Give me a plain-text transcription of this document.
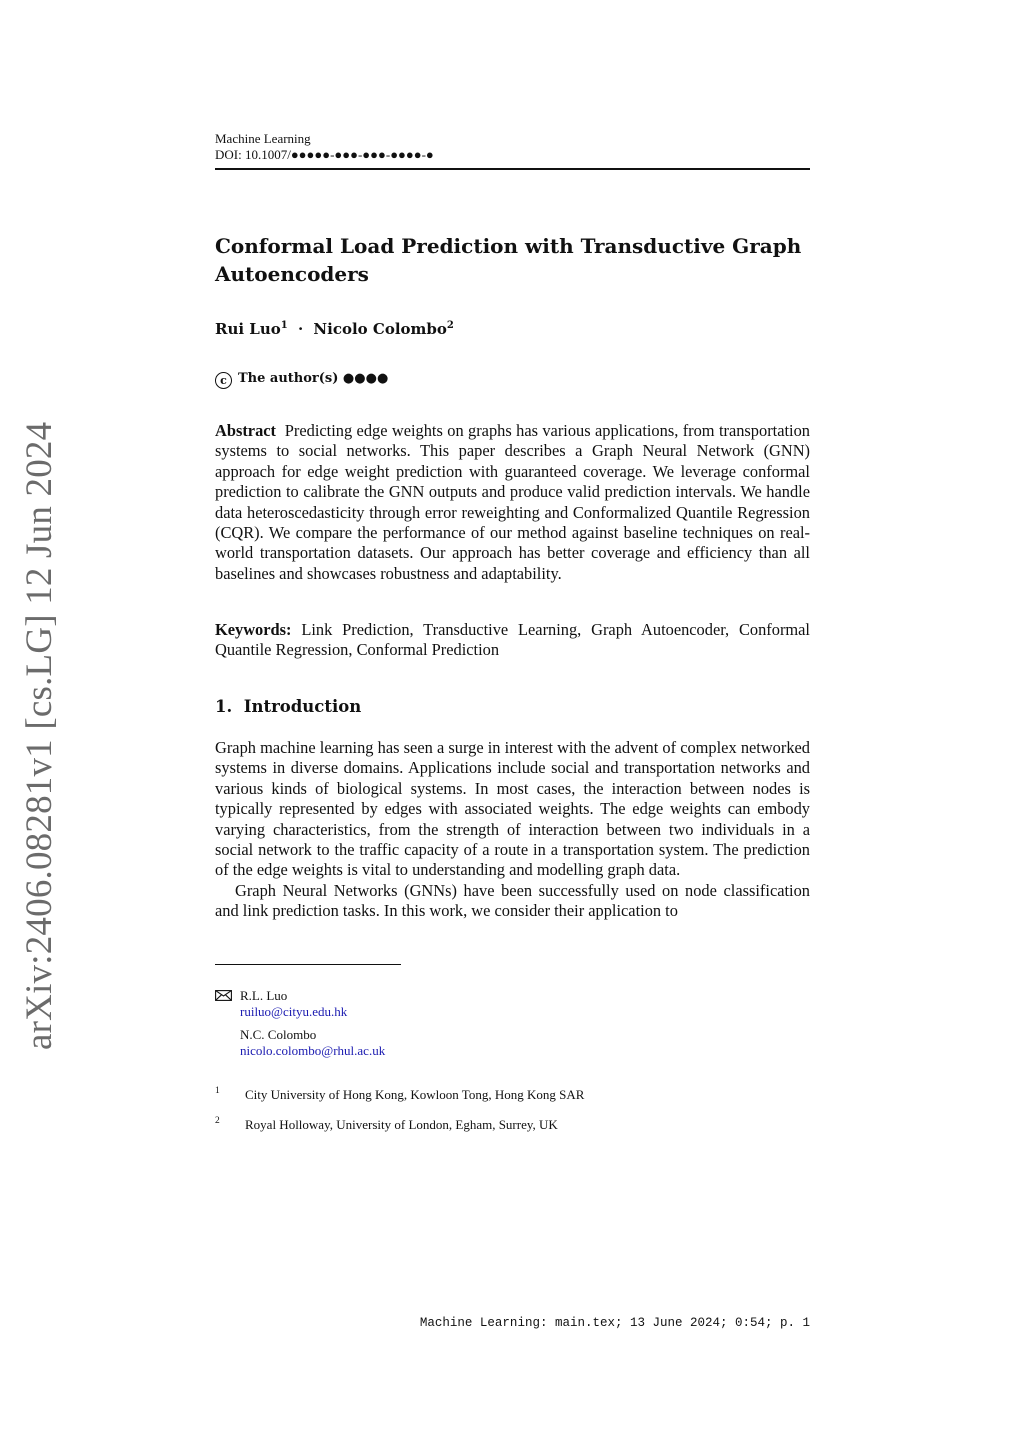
arXiv:2406.08281v1 [cs.LG] 12 Jun 2024
Machine Learning
DOI: 10.1007/●●●●●-●●●-●●●-●●●●-●
Conformal Load Prediction with Transductive Graph Autoencoders
Rui Luo$^1$ · Nicolo Colombo$^2$
c The author(s) ●●●●

Abstract Predicting edge weights on graphs has various applications, from transportation systems to social networks. This paper describes a Graph Neural Network (GNN) approach for edge weight prediction with guaranteed coverage. We leverage conformal prediction to calibrate the GNN outputs and produce valid prediction intervals. We handle data heteroscedasticity through error reweighting and Conformalized Quantile Regression (CQR). We compare the performance of our method against baseline techniques on real-world transportation datasets. Our approach has better coverage and efficiency than all baselines and showcases robustness and adaptability.

Keywords: Link Prediction, Transductive Learning, Graph Autoencoder, Conformal Quantile Regression, Conformal Prediction

1. Introduction

Graph machine learning has seen a surge in interest with the advent of complex networked systems in diverse domains. Applications include social and transportation networks and various kinds of biological systems. In most cases, the interaction between nodes is typically represented by edges with associated weights. The edge weights can embody varying characteristics, from the strength of interaction between two individuals in a social network to the traffic capacity of a route in a transportation system. The prediction of the edge weights is vital to understanding and modelling graph data.

Graph Neural Networks (GNNs) have been successfully used on node classification and link prediction tasks. In this work, we consider their application to

R.L. Luo
ruiluo@cityu.edu.hk
N.C. Colombo
nicolo.colombo@rhul.ac.uk
1 City University of Hong Kong, Kowloon Tong, Hong Kong SAR
2 Royal Holloway, University of London, Egham, Surrey, UK
Machine Learning: main.tex; 13 June 2024; 0:54; p. 1
